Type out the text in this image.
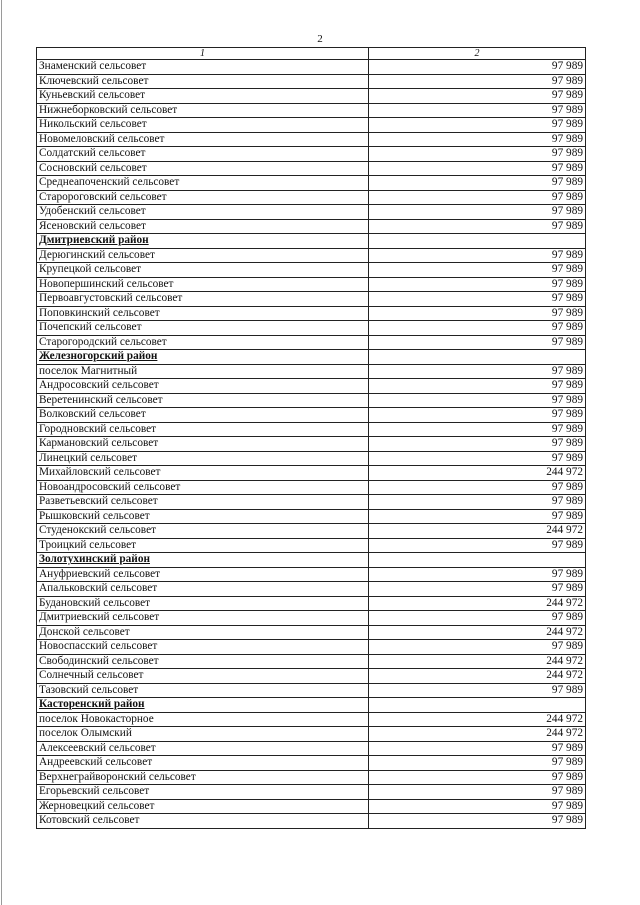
2
1	2
Знаменский сельсовет	97 989
Ключевский сельсовет	97 989
Куньевский сельсовет	97 989
Нижнеборковский сельсовет	97 989
Никольский сельсовет	97 989
Новомеловский сельсовет	97 989
Солдатский сельсовет	97 989
Сосновский сельсовет	97 989
Среднеапоченский сельсовет	97 989
Старороговский сельсовет	97 989
Удобенский сельсовет	97 989
Ясеновский сельсовет	97 989
Дмитриевский район	
Дерюгинский сельсовет	97 989
Крупецкой сельсовет	97 989
Новопершинский сельсовет	97 989
Первоавгустовский сельсовет	97 989
Поповкинский сельсовет	97 989
Почепский сельсовет	97 989
Старогородский сельсовет	97 989
Железногорский район	
поселок Магнитный	97 989
Андросовский сельсовет	97 989
Веретенинский сельсовет	97 989
Волковский сельсовет	97 989
Городновский сельсовет	97 989
Кармановский сельсовет	97 989
Линецкий сельсовет	97 989
Михайловский сельсовет	244 972
Новоандросовский сельсовет	97 989
Разветьевский сельсовет	97 989
Рышковский сельсовет	97 989
Студенокский сельсовет	244 972
Троицкий сельсовет	97 989
Золотухинский район	
Ануфриевский сельсовет	97 989
Апальковский сельсовет	97 989
Будановский сельсовет	244 972
Дмитриевский сельсовет	97 989
Донской сельсовет	244 972
Новоспасский сельсовет	97 989
Свободинский сельсовет	244 972
Солнечный сельсовет	244 972
Тазовский сельсовет	97 989
Касторенский район	
поселок Новокасторное	244 972
поселок Олымский	244 972
Алексеевский сельсовет	97 989
Андреевский сельсовет	97 989
Верхнеграйворонский сельсовет	97 989
Егорьевский сельсовет	97 989
Жерновецкий сельсовет	97 989
Котовский сельсовет	97 989
